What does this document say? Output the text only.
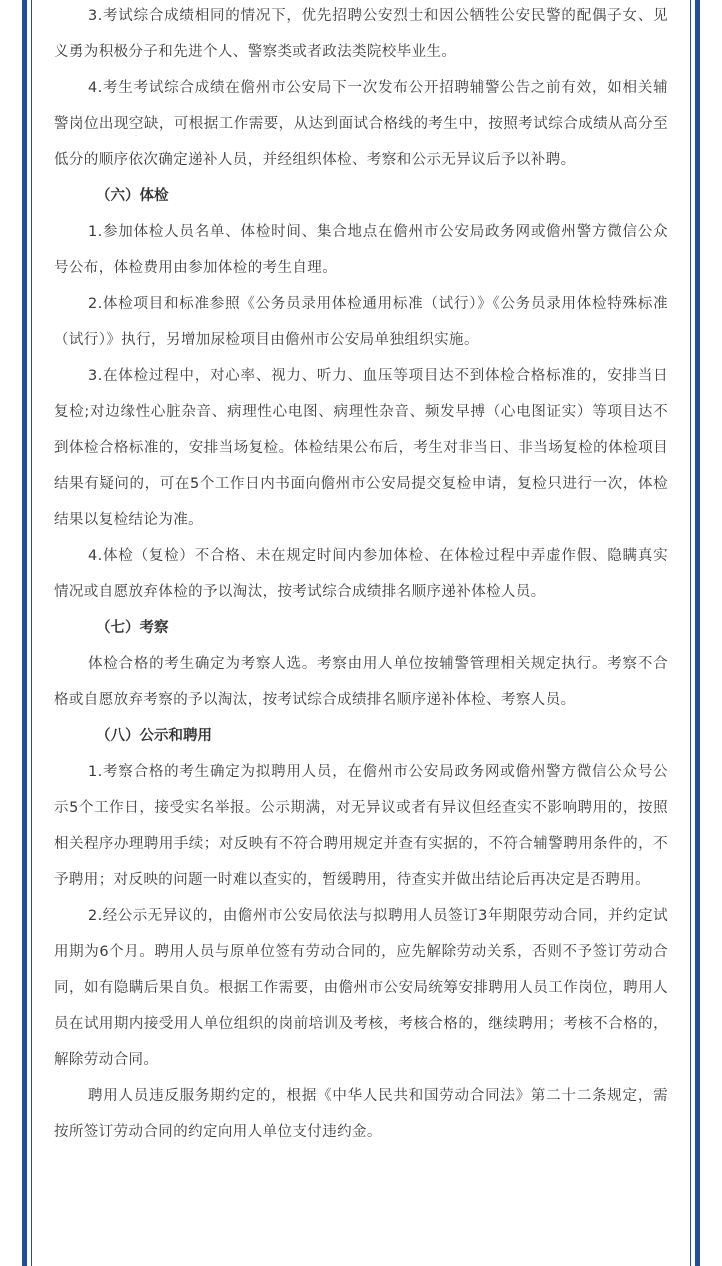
3.考试综合成绩相同的情况下，优先招聘公安烈士和因公牺牲公安民警的配偶子女、见义勇为积极分子和先进个人、警察类或者政法类院校毕业生。

4.考生考试综合成绩在儋州市公安局下一次发布公开招聘辅警公告之前有效，如相关辅警岗位出现空缺，可根据工作需要，从达到面试合格线的考生中，按照考试综合成绩从高分至低分的顺序依次确定递补人员，并经组织体检、考察和公示无异议后予以补聘。

（六）体检

1.参加体检人员名单、体检时间、集合地点在儋州市公安局政务网或儋州警方微信公众号公布，体检费用由参加体检的考生自理。

2.体检项目和标准参照《公务员录用体检通用标准（试行）》《公务员录用体检特殊标准（试行）》执行，另增加尿检项目由儋州市公安局单独组织实施。

3.在体检过程中，对心率、视力、听力、血压等项目达不到体检合格标准的，安排当日复检;对边缘性心脏杂音、病理性心电图、病理性杂音、频发早搏（心电图证实）等项目达不到体检合格标准的，安排当场复检。体检结果公布后，考生对非当日、非当场复检的体检项目结果有疑问的，可在5个工作日内书面向儋州市公安局提交复检申请，复检只进行一次，体检结果以复检结论为准。

4.体检（复检）不合格、未在规定时间内参加体检、在体检过程中弄虚作假、隐瞒真实情况或自愿放弃体检的予以淘汰，按考试综合成绩排名顺序递补体检人员。

（七）考察

体检合格的考生确定为考察人选。考察由用人单位按辅警管理相关规定执行。考察不合格或自愿放弃考察的予以淘汰，按考试综合成绩排名顺序递补体检、考察人员。

（八）公示和聘用

1.考察合格的考生确定为拟聘用人员，在儋州市公安局政务网或儋州警方微信公众号公示5个工作日，接受实名举报。公示期满，对无异议或者有异议但经查实不影响聘用的，按照相关程序办理聘用手续；对反映有不符合聘用规定并查有实据的，不符合辅警聘用条件的，不予聘用；对反映的问题一时难以查实的，暂缓聘用，待查实并做出结论后再决定是否聘用。

2.经公示无异议的，由儋州市公安局依法与拟聘用人员签订3年期限劳动合同，并约定试用期为6个月。聘用人员与原单位签有劳动合同的，应先解除劳动关系，否则不予签订劳动合同，如有隐瞒后果自负。根据工作需要，由儋州市公安局统筹安排聘用人员工作岗位，聘用人员在试用期内接受用人单位组织的岗前培训及考核，考核合格的，继续聘用；考核不合格的，解除劳动合同。

聘用人员违反服务期约定的，根据《中华人民共和国劳动合同法》第二十二条规定，需按所签订劳动合同的约定向用人单位支付违约金。
